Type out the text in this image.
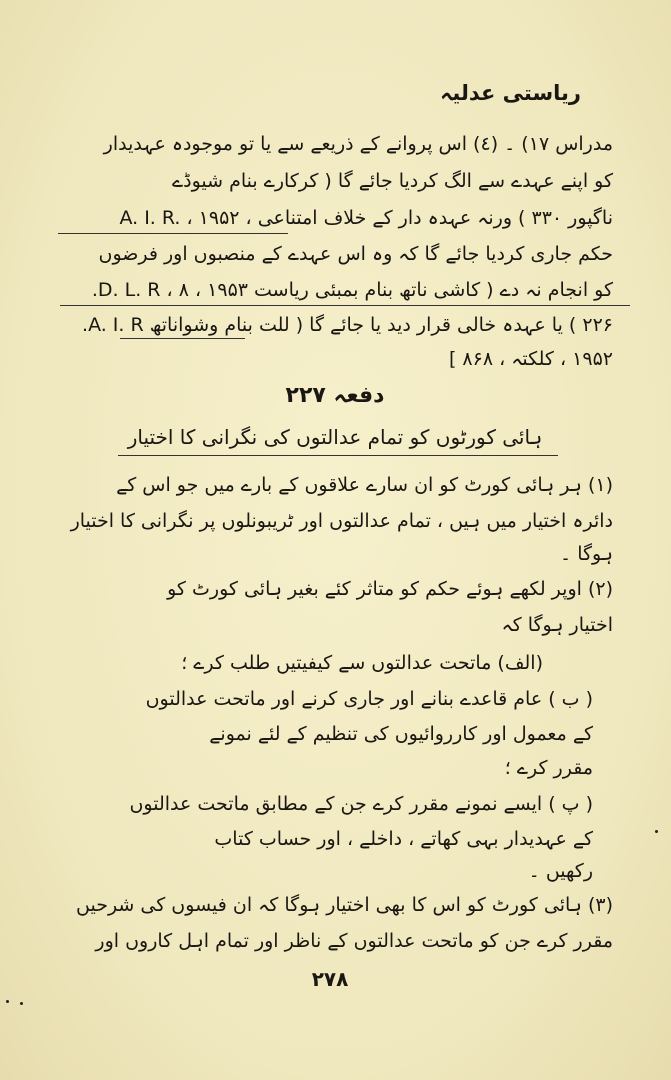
ریاستی عدلیہ
مدراس ۱۷) ۔ (٤) اس پروانے کے ذریعے سے یا تو موجودہ عہدیدار
کو اپنے عہدے سے الگ کردیا جائے گا ( کرکارے بنام شیوڈے
A. I. R. ، ۱۹۵۲ ، ناگپور ۳۳۰ ) ورنہ عہدہ دار کے خلاف امتناعی
حکم جاری کردیا جائے گا کہ وہ اس عہدے کے منصبوں اور فرضوں
کو انجام نہ دے ( کاشی ناتھ بنام بمبئی ریاست ۱۹۵۳ ، ۸ ، D. L. R.
۲۲۶ ) یا عہدہ خالی قرار دید یا جائے گا ( للت بنام وشواناتھ A. I. R.
۱۹۵۲ ، کلکتہ ، ۸۶۸ ]
دفعہ ۲۲۷
ہائی کورٹوں کو تمام عدالتوں کی نگرانی کا اختیار
(۱) ہر ہائی کورٹ کو ان سارے علاقوں کے بارے میں جو اس کے
دائرہ اختیار میں ہیں ، تمام عدالتوں اور ٹریبونلوں پر نگرانی کا اختیار
ہوگا ۔
(۲) اوپر لکھے ہوئے حکم کو متاثر کئے بغیر ہائی کورٹ کو
اختیار ہوگا کہ
(الف) ماتحت عدالتوں سے کیفیتیں طلب کرے ؛
( ب ) عام قاعدے بنانے اور جاری کرنے اور ماتحت عدالتوں
کے معمول اور کارروائیوں کی تنظیم کے لئے نمونے
مقرر کرے ؛
( پ ) ایسے نمونے مقرر کرے جن کے مطابق ماتحت عدالتوں
کے عہدیدار بہی کھاتے ، داخلے ، اور حساب کتاب
رکھیں ۔
(۳) ہائی کورٹ کو اس کا بھی اختیار ہوگا کہ ان فیسوں کی شرحیں
مقرر کرے جن کو ماتحت عدالتوں کے ناظر اور تمام اہل کاروں اور
۲۷۸
